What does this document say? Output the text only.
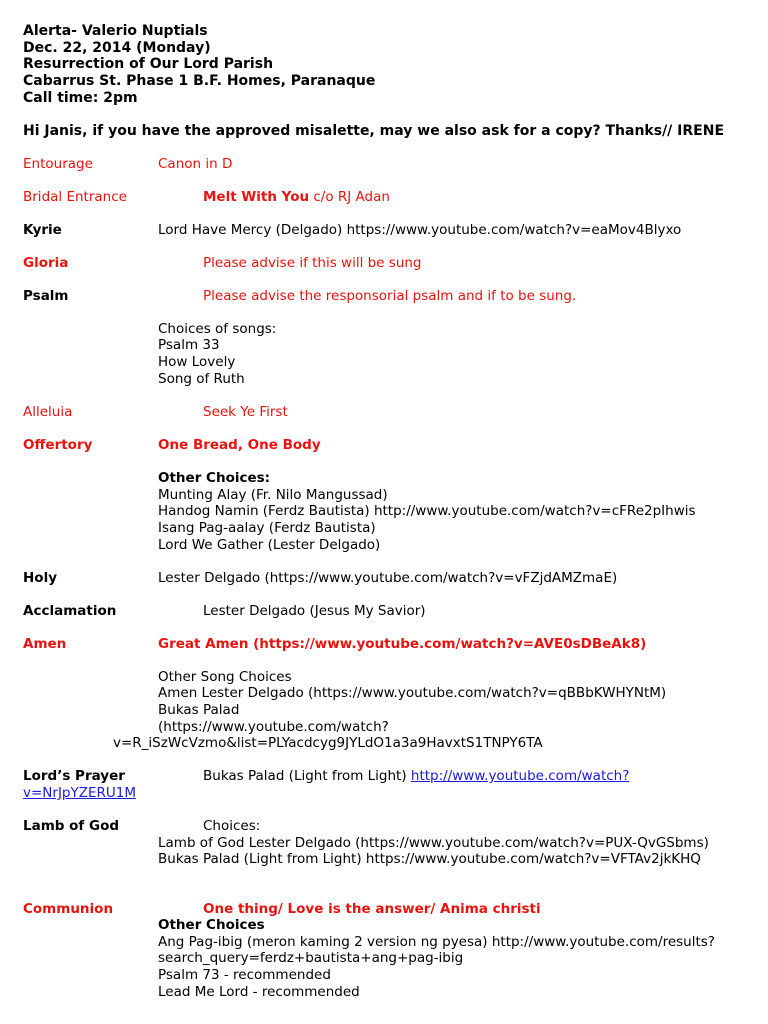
Alerta- Valerio Nuptials
Dec. 22, 2014 (Monday)
Resurrection of Our Lord Parish
Cabarrus St. Phase 1 B.F. Homes, Paranaque
Call time: 2pm
Hi Janis, if you have the approved misalette, may we also ask for a copy? Thanks// IRENE
Entourage	Canon in D
Bridal Entrance	Melt With You c/o RJ Adan
Kyrie	Lord Have Mercy (Delgado) https://www.youtube.com/watch?v=eaMov4Blyxo
Gloria	Please advise if this will be sung
Psalm	Please advise the responsorial psalm and if to be sung.
Choices of songs:
Psalm 33
How Lovely
Song of Ruth
Alleluia	Seek Ye First
Offertory	One Bread, One Body
Other Choices:
Munting Alay (Fr. Nilo Mangussad)
Handog Namin (Ferdz Bautista) http://www.youtube.com/watch?v=cFRe2pIhwis
Isang Pag-aalay (Ferdz Bautista)
Lord We Gather (Lester Delgado)
Holy	Lester Delgado (https://www.youtube.com/watch?v=vFZjdAMZmaE)
Acclamation	Lester Delgado (Jesus My Savior)
Amen	Great Amen (https://www.youtube.com/watch?v=AVE0sDBeAk8)
Other Song Choices
Amen Lester Delgado (https://www.youtube.com/watch?v=qBBbKWHYNtM)
Bukas Palad
(https://www.youtube.com/watch?
v=R_iSzWcVzmo&list=PLYacdcyg9JYLdO1a3a9HavxtS1TNPY6TA
Lord’s Prayer	Bukas Palad (Light from Light) http://www.youtube.com/watch?
v=NrJpYZERU1M
Lamb of God	Choices:
Lamb of God Lester Delgado (https://www.youtube.com/watch?v=PUX-QvGSbms)
Bukas Palad (Light from Light) https://www.youtube.com/watch?v=VFTAv2jkKHQ
Communion	One thing/ Love is the answer/ Anima christi
Other Choices
Ang Pag-ibig (meron kaming 2 version ng pyesa) http://www.youtube.com/results?
search_query=ferdz+bautista+ang+pag-ibig
Psalm 73 - recommended
Lead Me Lord - recommended
